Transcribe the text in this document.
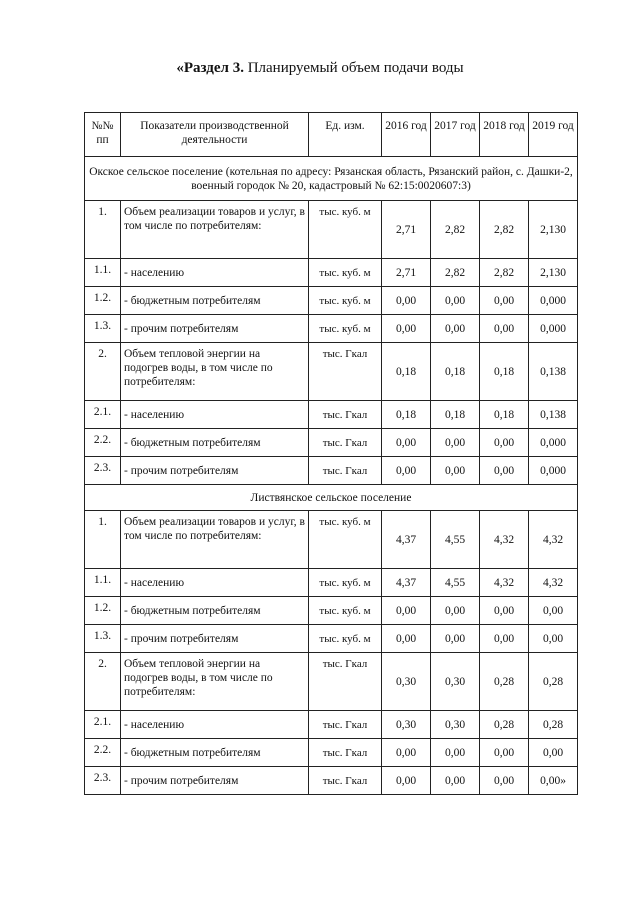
«Раздел 3. Планируемый объем подачи воды
№№ пп	Показатели производственной деятельности	Ед. изм.	2016 год	2017 год	2018 год	2019 год
Окское сельское поселение (котельная по адресу: Рязанская область, Рязанский район, с. Дашки-2, военный городок № 20, кадастровый № 62:15:0020607:3)						
1.	Объем реализации товаров и услуг, в том числе по потребителям:	тыс. куб. м	2,71	2,82	2,82	2,130
1.1.	- населению	тыс. куб. м	2,71	2,82	2,82	2,130
1.2.	- бюджетным потребителям	тыс. куб. м	0,00	0,00	0,00	0,000
1.3.	- прочим потребителям	тыс. куб. м	0,00	0,00	0,00	0,000
2.	Объем тепловой энергии на подогрев воды, в том числе по потребителям:	тыс. Гкал	0,18	0,18	0,18	0,138
2.1.	- населению	тыс. Гкал	0,18	0,18	0,18	0,138
2.2.	- бюджетным потребителям	тыс. Гкал	0,00	0,00	0,00	0,000
2.3.	- прочим потребителям	тыс. Гкал	0,00	0,00	0,00	0,000
Листвянское сельское поселение						
1.	Объем реализации товаров и услуг, в том числе по потребителям:	тыс. куб. м	4,37	4,55	4,32	4,32
1.1.	- населению	тыс. куб. м	4,37	4,55	4,32	4,32
1.2.	- бюджетным потребителям	тыс. куб. м	0,00	0,00	0,00	0,00
1.3.	- прочим потребителям	тыс. куб. м	0,00	0,00	0,00	0,00
2.	Объем тепловой энергии на подогрев воды, в том числе по потребителям:	тыс. Гкал	0,30	0,30	0,28	0,28
2.1.	- населению	тыс. Гкал	0,30	0,30	0,28	0,28
2.2.	- бюджетным потребителям	тыс. Гкал	0,00	0,00	0,00	0,00
2.3.	- прочим потребителям	тыс. Гкал	0,00	0,00	0,00	0,00»
